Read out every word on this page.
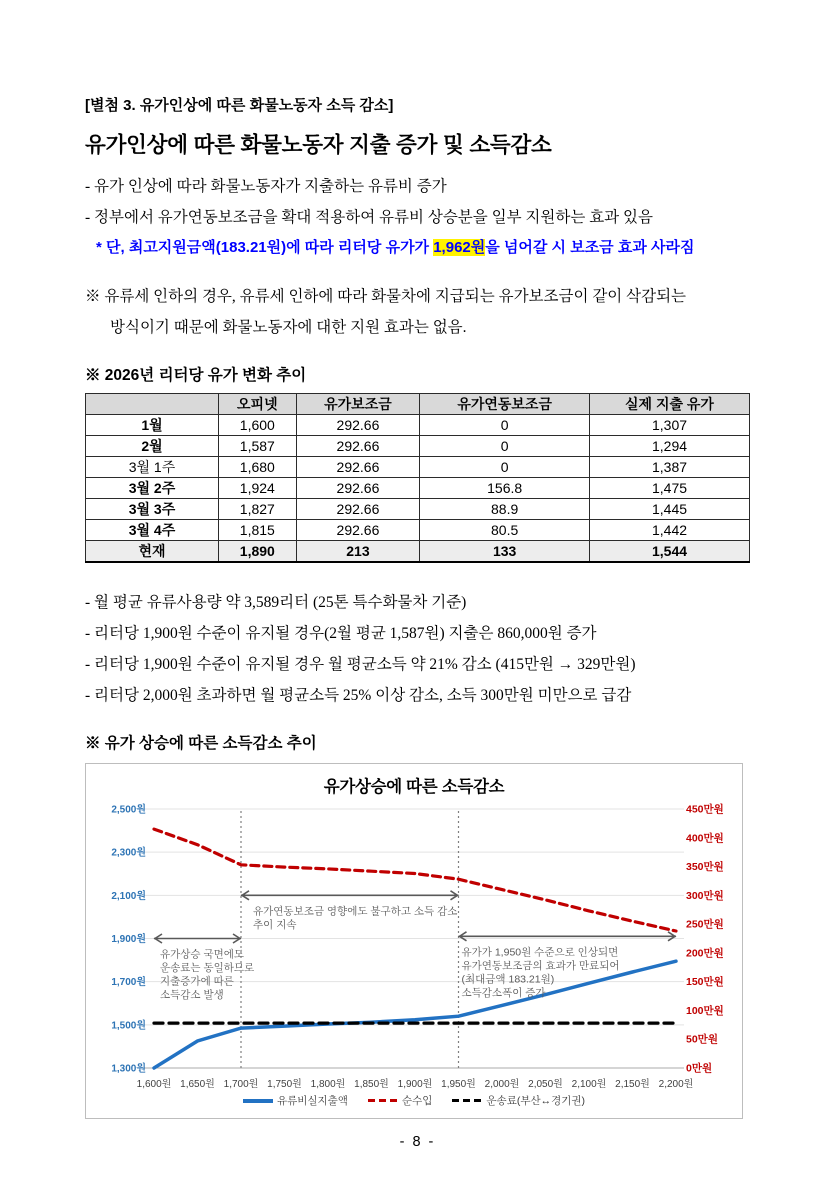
[별첨 3. 유가인상에 따른 화물노동자 소득 감소]
유가인상에 따른 화물노동자 지출 증가 및 소득감소
- 유가 인상에 따라 화물노동자가 지출하는 유류비 증가
- 정부에서 유가연동보조금을 확대 적용하여 유류비 상승분을 일부 지원하는 효과 있음
* 단, 최고지원금액(183.21원)에 따라 리터당 유가가 1,962원을 넘어갈 시 보조금 효과 사라짐
※ 유류세 인하의 경우, 유류세 인하에 따라 화물차에 지급되는 유가보조금이 같이 삭감되는
방식이기 때문에 화물노동자에 대한 지원 효과는 없음.
※ 2026년 리터당 유가 변화 추이
	오피넷	유가보조금	유가연동보조금	실제 지출 유가
1월	1,600	292.66	0	1,307
2월	1,587	292.66	0	1,294
3월 1주	1,680	292.66	0	1,387
3월 2주	1,924	292.66	156.8	1,475
3월 3주	1,827	292.66	88.9	1,445
3월 4주	1,815	292.66	80.5	1,442
현재	1,890	213	133	1,544
- 월 평균 유류사용량 약 3,589리터 (25톤 특수화물차 기준)
- 리터당 1,900원 수준이 유지될 경우(2월 평균 1,587원) 지출은 860,000원 증가
- 리터당 1,900원 수준이 유지될 경우 월 평균소득 약 21% 감소 (415만원 → 329만원)
- 리터당 2,000원 초과하면 월 평균소득 25% 이상 감소, 소득 300만원 미만으로 급감
※ 유가 상승에 따른 소득감소 추이
유가상승에 따른 소득감소
2,500원
2,300원
2,100원
1,900원
1,700원
1,500원
1,300원
450만원
400만원
350만원
300만원
250만원
200만원
150만원
100만원
50만원
0만원
유가상승 국면에도
운송료는 동일하므로
지출증가에 따른
소득감소 발생
유가연동보조금 영향에도 불구하고 소득 감소
추이 지속
유가가 1,950원 수준으로 인상되면
유가연동보조금의 효과가 만료되어
(최대금액 183.21원)
소득감소폭이 증가
1,600원 1,650원 1,700원 1,750원 1,800원 1,850원 1,900원 1,950원 2,000원 2,050원 2,100원 2,150원 2,200원
유류비실지출액	순수입	운송료(부산↔경기권)
- 8 -
